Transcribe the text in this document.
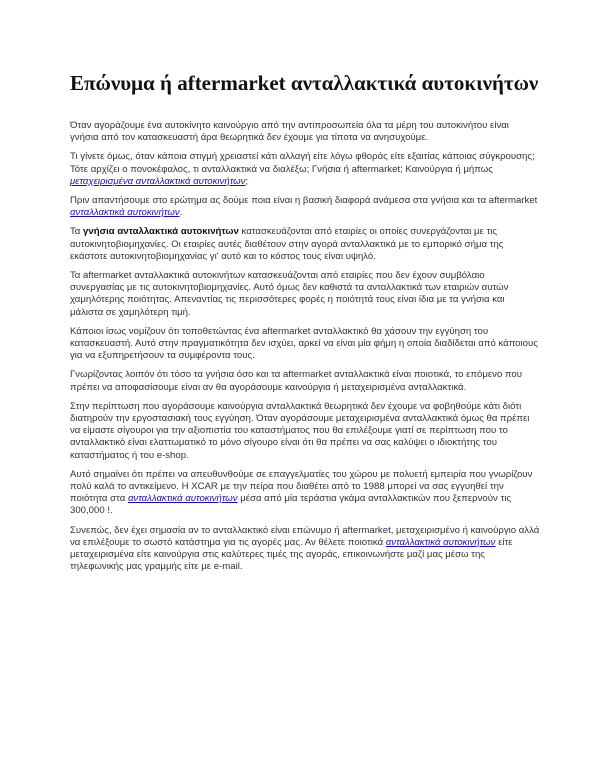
Επώνυμα ή aftermarket ανταλλακτικά αυτοκινήτων

Όταν αγοράζουμε ένα αυτοκίνητο καινούργιο από την αντιπροσωπεία όλα τα μέρη του αυτοκινήτου είναι γνήσια από τον κατασκευαστή άρα θεωρητικά δεν έχουμε για τίποτα να ανησυχούμε.

Τι γίνετε όμως, όταν κάποια στιγμή χρειαστεί κάτι αλλαγή είτε λόγω φθοράς είτε εξαιτίας κάποιας σύγκρουσης; Τότε αρχίζει ο πονοκέφαλος, τι ανταλλακτικά να διαλέξω; Γνήσια ή aftermarket; Καινούργια ή μήπως μεταχειρισμένα ανταλλακτικά αυτοκινήτων;

Πριν απαντήσουμε στο ερώτημα ας δούμε ποια είναι η βασική διαφορά ανάμεσα στα γνήσια και τα aftermarket ανταλλακτικά αυτοκινήτων.

Τα γνήσια ανταλλακτικά αυτοκινήτων κατασκευάζονται από εταιρίες οι οποίες συνεργάζονται με τις αυτοκινητοβιομηχανίες. Οι εταιρίες αυτές διαθέτουν στην αγορά ανταλλακτικά με το εμπορικό σήμα της εκάστοτε αυτοκινητοβιομηχανίας γι' αυτό και το κόστος τους είναι υψηλό.

Τα aftermarket ανταλλακτικά αυτοκινήτων κατασκευάζονται από εταιρίες που δεν έχουν συμβόλαιο συνεργασίας με τις αυτοκινητοβιομηχανίες. Αυτό όμως δεν καθιστά τα ανταλλακτικά των εταιριών αυτών χαμηλότερης ποιότητας. Απεναντίας τις περισσότερες φορές η ποιότητά τους είναι ίδια με τα γνήσια και μάλιστα σε χαμηλότερη τιμή.

Κάποιοι ίσως νομίζουν ότι τοποθετώντας ένα aftermarket ανταλλακτικό θα χάσουν την εγγύηση του κατασκευαστή. Αυτό στην πραγματικότητα δεν ισχύει, αρκεί να είναι μία φήμη η οποία διαδίδεται από κάποιους για να εξυπηρετήσουν τα συμφέροντα τους.

Γνωρίζοντας λοιπόν ότι τόσο τα γνήσια όσο και τα aftermarket ανταλλακτικά είναι ποιοτικά, το επόμενο που πρέπει να αποφασίσουμε είναι αν θα αγοράσουμε καινούργια ή μεταχειρισμένα ανταλλακτικά.

Στην περίπτωση που αγοράσουμε καινούργια ανταλλακτικά θεωρητικά δεν έχουμε να φοβηθούμε κάτι διότι διατηρούν την εργοστασιακή τους εγγύηση. Όταν αγοράσουμε μεταχειρισμένα ανταλλακτικά όμως θα πρέπει να είμαστε σίγουροι για την αξιοπιστία του καταστήματος που θα επιλέξουμε γιατί σε περίπτωση που το ανταλλακτικό είναι ελαττωματικό το μόνο σίγουρο είναι ότι θα πρέπει να σας καλύψει ο ιδιοκτήτης του καταστήματος ή του e-shop.

Αυτό σημαίνει ότι πρέπει να απευθυνθούμε σε επαγγελματίες του χώρου με πολυετή εμπειρία που γνωρίζουν πολύ καλά το αντικείμενο. Η XCAR με την πείρα που διαθέτει από το 1988 μπορεί να σας εγγυηθεί την ποιότητα στα ανταλλακτικά αυτοκινήτων μέσα από μία τεράστια γκάμα ανταλλακτικών που ξεπερνούν τις 300,000 !.

Συνεπώς, δεν έχει σημασία αν το ανταλλακτικό είναι επώνυμο ή aftermarket, μεταχειρισμένο ή καινούργιο αλλά να επιλέξουμε το σωστό κατάστημα για τις αγορές μας. Αν θέλετε ποιοτικά ανταλλακτικά αυτοκινήτων είτε μεταχειρισμένα είτε καινούργια στις καλύτερες τιμές της αγοράς, επικοινωνήστε μαζί μας μέσω της τηλεφωνικής μας γραμμής είτε με e-mail.
